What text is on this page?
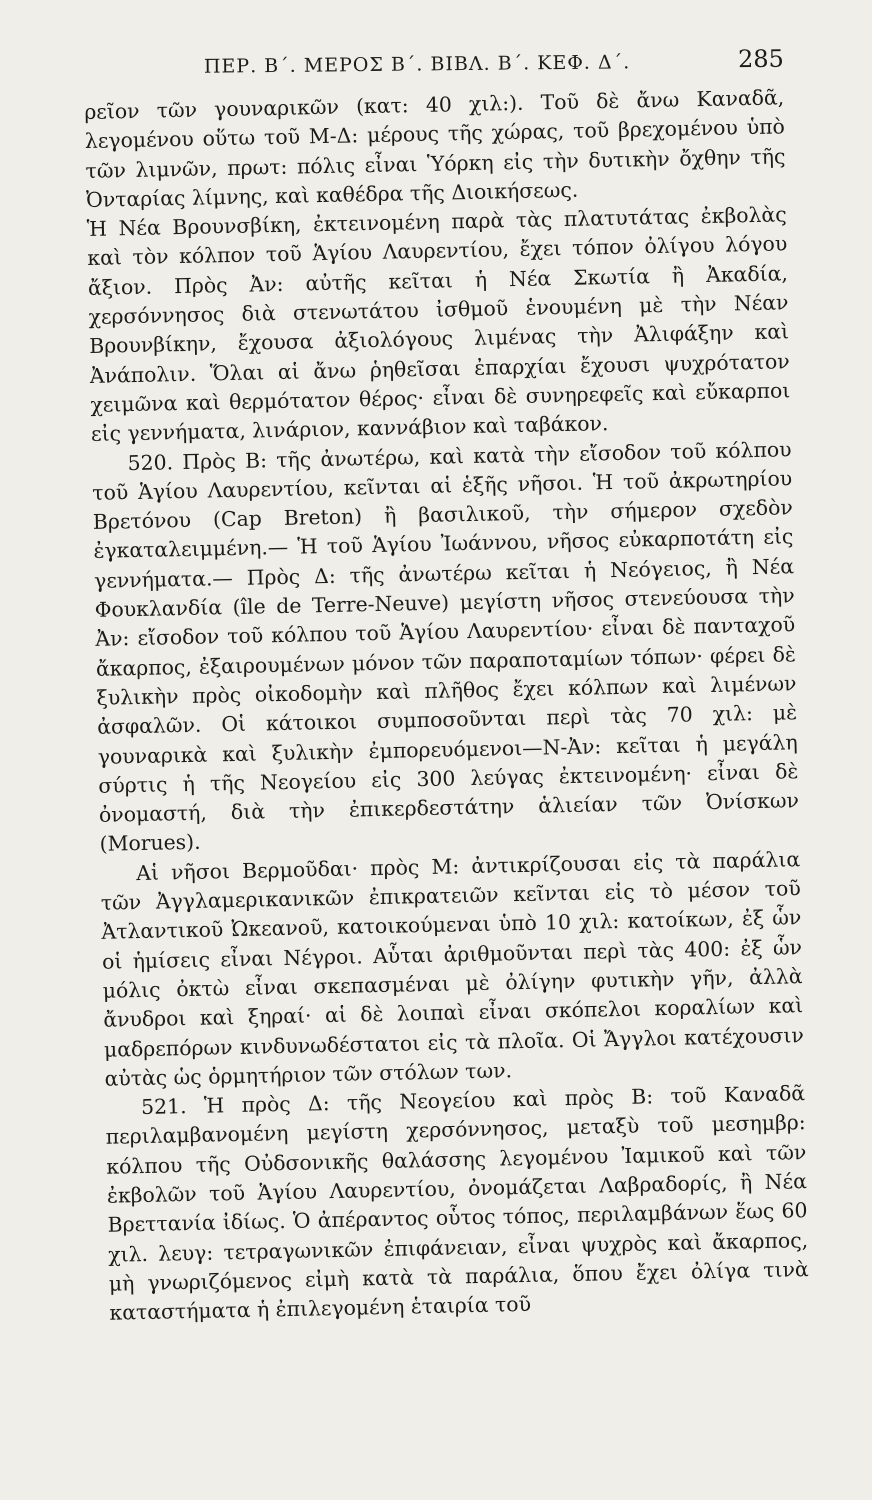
ΠΕΡ. Β΄. ΜΕΡΟΣ Β΄. ΒΙΒΛ. Β΄. ΚΕΦ. Δ΄.	285

ρεῖον τῶν γουναρικῶν (κατ: 40 χιλ:). Τοῦ δὲ ἄνω Καναδᾶ, λεγομένου οὕτω τοῦ Μ-Δ: μέρους τῆς χώρας, τοῦ βρεχομένου ὑπὸ τῶν λιμνῶν, πρωτ: πόλις εἶναι Ὑόρκη εἰς τὴν δυτικὴν ὄχθην τῆς Ὀνταρίας λίμνης, καὶ καθέδρα τῆς Διοικήσεως.

Ἡ Νέα Βρουνσβίκη, ἐκτεινομένη παρὰ τὰς πλατυτάτας ἐκβολὰς καὶ τὸν κόλπον τοῦ Ἁγίου Λαυρεντίου, ἔχει τόπον ὀλίγου λόγου ἄξιον. Πρὸς Ἀν: αὐτῆς κεῖται ἡ Νέα Σκωτία ἢ Ἀκαδία, χερσόννησος διὰ στενωτάτου ἰσθμοῦ ἑνουμένη μὲ τὴν Νέαν Βρουνβίκην, ἔχουσα ἀξιολόγους λιμένας τὴν Ἀλιφάξην καὶ Ἀνάπολιν. Ὅλαι αἱ ἄνω ῥηθεῖσαι ἐπαρχίαι ἔχουσι ψυχρότατον χειμῶνα καὶ θερμότατον θέρος· εἶναι δὲ συνηρεφεῖς καὶ εὔκαρποι εἰς γεννήματα, λινάριον, καννάβιον καὶ ταβάκον.

520. Πρὸς Β: τῆς ἀνωτέρω, καὶ κατὰ τὴν εἴσοδον τοῦ κόλπου τοῦ Ἁγίου Λαυρεντίου, κεῖνται αἱ ἑξῆς νῆσοι. Ἡ τοῦ ἀκρωτηρίου Βρετόνου (Cap Breton) ἢ βασιλικοῦ, τὴν σήμερον σχεδὸν ἐγκαταλειμμένη.— Ἡ τοῦ Ἁγίου Ἰωάννου, νῆσος εὐκαρποτάτη εἰς γεννήματα.— Πρὸς Δ: τῆς ἀνωτέρω κεῖται ἡ Νεόγειος, ἢ Νέα Φουκλανδία (île de Terre-Neuve) μεγίστη νῆσος στενεύουσα τὴν Ἀν: εἴσοδον τοῦ κόλπου τοῦ Ἁγίου Λαυρεντίου· εἶναι δὲ πανταχοῦ ἄκαρπος, ἐξαιρουμένων μόνον τῶν παραποταμίων τόπων· φέρει δὲ ξυλικὴν πρὸς οἰκοδομὴν καὶ πλῆθος ἔχει κόλπων καὶ λιμένων ἀσφαλῶν. Οἱ κάτοικοι συμποσοῦνται περὶ τὰς 70 χιλ: μὲ γουναρικὰ καὶ ξυλικὴν ἐμπορευόμενοι—Ν-Ἀν: κεῖται ἡ μεγάλη σύρτις ἡ τῆς Νεογείου εἰς 300 λεύγας ἐκτεινομένη· εἶναι δὲ ὀνομαστή, διὰ τὴν ἐπικερδεστάτην ἁλιείαν τῶν Ὀνίσκων (Morues).

Αἱ νῆσοι Βερμοῦδαι· πρὸς Μ: ἀντικρίζουσαι εἰς τὰ παράλια τῶν Ἀγγλαμερικανικῶν ἐπικρατειῶν κεῖνται εἰς τὸ μέσον τοῦ Ἀτλαντικοῦ Ὠκεανοῦ, κατοικούμεναι ὑπὸ 10 χιλ: κατοίκων, ἐξ ὧν οἱ ἡμίσεις εἶναι Νέγροι. Αὗται ἀριθμοῦνται περὶ τὰς 400: ἐξ ὧν μόλις ὀκτὼ εἶναι σκεπασμέναι μὲ ὀλίγην φυτικὴν γῆν, ἀλλὰ ἄνυδροι καὶ ξηραί· αἱ δὲ λοιπαὶ εἶναι σκόπελοι κοραλίων καὶ μαδρεπόρων κινδυνωδέστατοι εἰς τὰ πλοῖα. Οἱ Ἄγγλοι κατέχουσιν αὐτὰς ὡς ὁρμητήριον τῶν στόλων των.

521. Ἡ πρὸς Δ: τῆς Νεογείου καὶ πρὸς Β: τοῦ Καναδᾶ περιλαμβανομένη μεγίστη χερσόννησος, μεταξὺ τοῦ μεσημβρ: κόλπου τῆς Οὐδσονικῆς θαλάσσης λεγομένου Ἰαμικοῦ καὶ τῶν ἐκβολῶν τοῦ Ἁγίου Λαυρεντίου, ὀνομάζεται Λαβραδορίς, ἢ Νέα Βρεττανία ἰδίως. Ὁ ἀπέραντος οὗτος τόπος, περιλαμβάνων ἕως 60 χιλ. λευγ: τετραγωνικῶν ἐπιφάνειαν, εἶναι ψυχρὸς καὶ ἄκαρπος, μὴ γνωριζόμενος εἰμὴ κατὰ τὰ παράλια, ὅπου ἔχει ὀλίγα τινὰ καταστήματα ἡ ἐπιλεγομένη ἑταιρία τοῦ
